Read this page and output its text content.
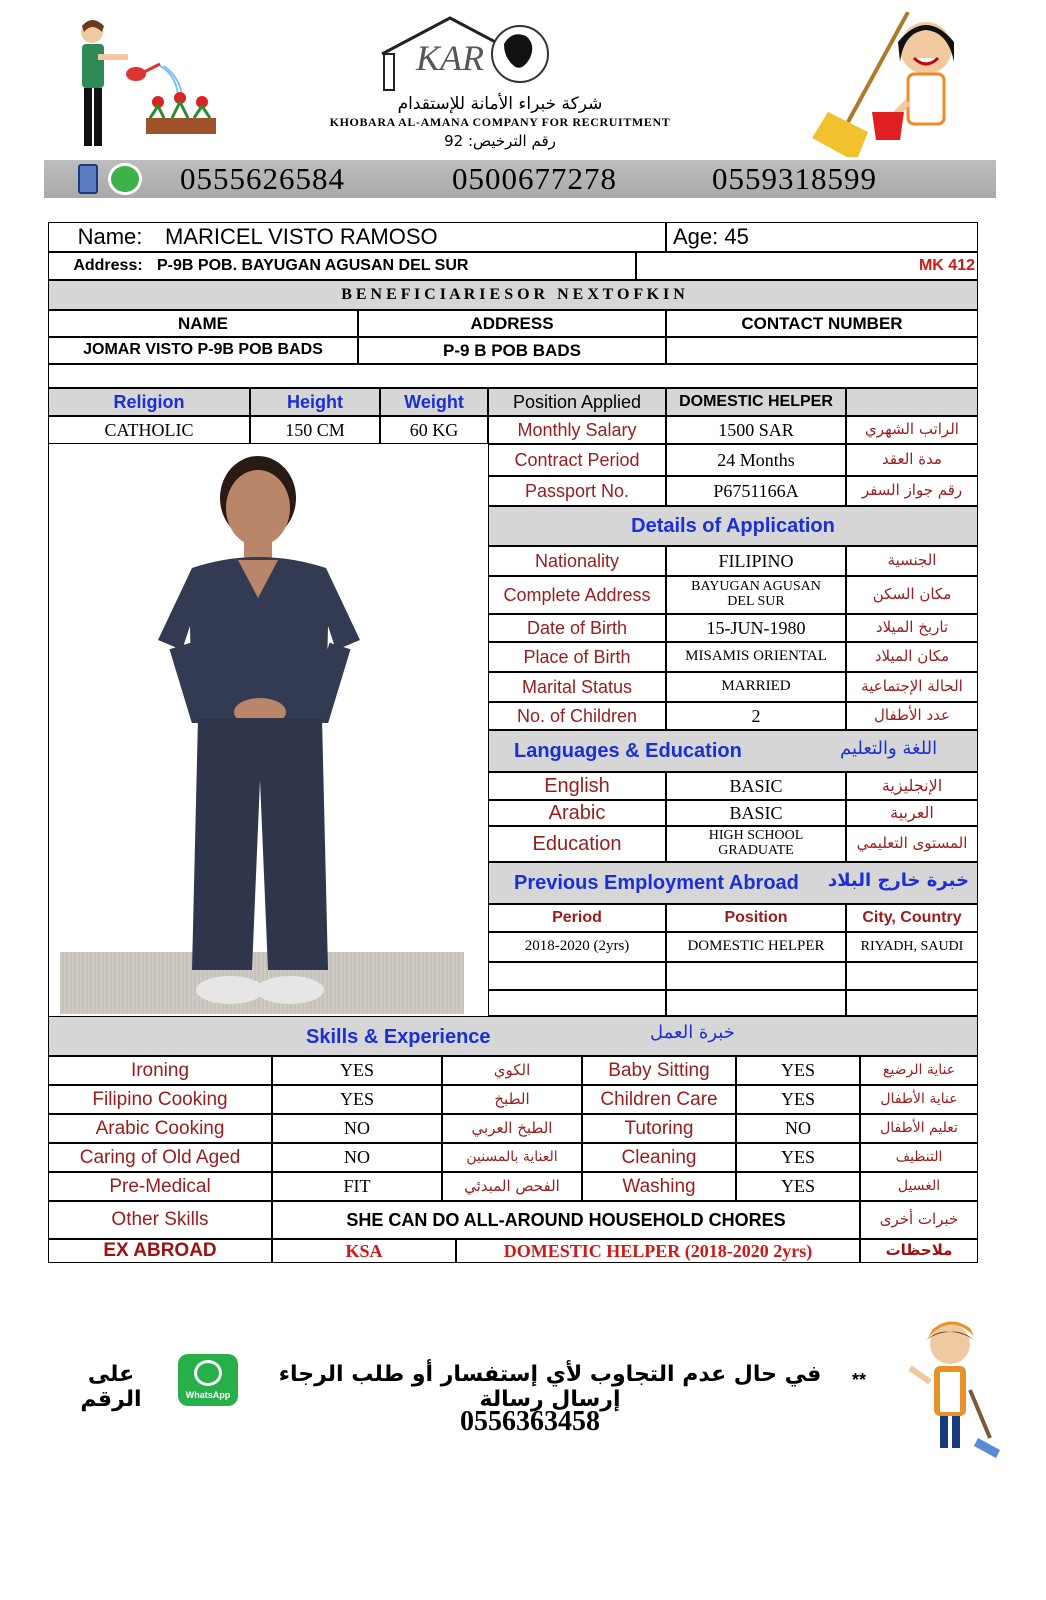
KAR
شركة خبراء الأمانة للإستقدام
KHOBARA AL-AMANA COMPANY FOR RECRUITMENT
رقم الترخيص: 92
0555626584	0500677278	0559318599
Name:	MARICEL VISTO RAMOSO	Age: 45
Address: P-9B POB. BAYUGAN AGUSAN DEL SUR	MK 412
B E N E F I C I A R I E S O R   N E X T O F K I N
NAME	ADDRESS	CONTACT NUMBER
JOMAR VISTO P-9B POB BADS	P-9 B POB BADS
Religion	Height	Weight	Position Applied	DOMESTIC HELPER
CATHOLIC	150 CM	60 KG	Monthly Salary	1500 SAR	الراتب الشهري
Contract Period	24 Months	مدة العقد
Passport No.	P6751166A	رقم جواز السفر
Details of Application
Nationality	FILIPINO	الجنسية
Complete Address	BAYUGAN AGUSAN DEL SUR	مكان السكن
Date of Birth	15-JUN-1980	تاريخ الميلاد
Place of Birth	MISAMIS ORIENTAL	مكان الميلاد
Marital Status	MARRIED	الحالة الإجتماعية
No. of Children	2	عدد الأطفال
Languages & Education	اللغة والتعليم
English	BASIC	الإنجليزية
Arabic	BASIC	العربية
Education	HIGH SCHOOL GRADUATE	المستوى التعليمي
Previous Employment Abroad خبرة خارج البلاد
Period	Position	City, Country
2018-2020 (2yrs)	DOMESTIC HELPER	RIYADH, SAUDI
Skills & Experience	خبرة العمل
Ironing	YES	الكوي	Baby Sitting	YES	عناية الرضيع
Filipino Cooking	YES	الطبخ	Children Care	YES	عناية الأطفال
Arabic Cooking	NO	الطبخ العربي	Tutoring	NO	تعليم الأطفال
Caring of Old Aged	NO	العناية بالمسنين	Cleaning	YES	التنظيف
Pre-Medical	FIT	الفحص المبدئي	Washing	YES	الغسيل
Other Skills	SHE CAN DO ALL-AROUND HOUSEHOLD CHORES	خبرات أخرى
EX ABROAD	KSA	DOMESTIC HELPER (2018-2020 2yrs)	ملاحظات
على الرقم	WhatsApp
في حال عدم التجاوب لأي إستفسار أو طلب الرجاء إرسال رسالة
**
0556363458
